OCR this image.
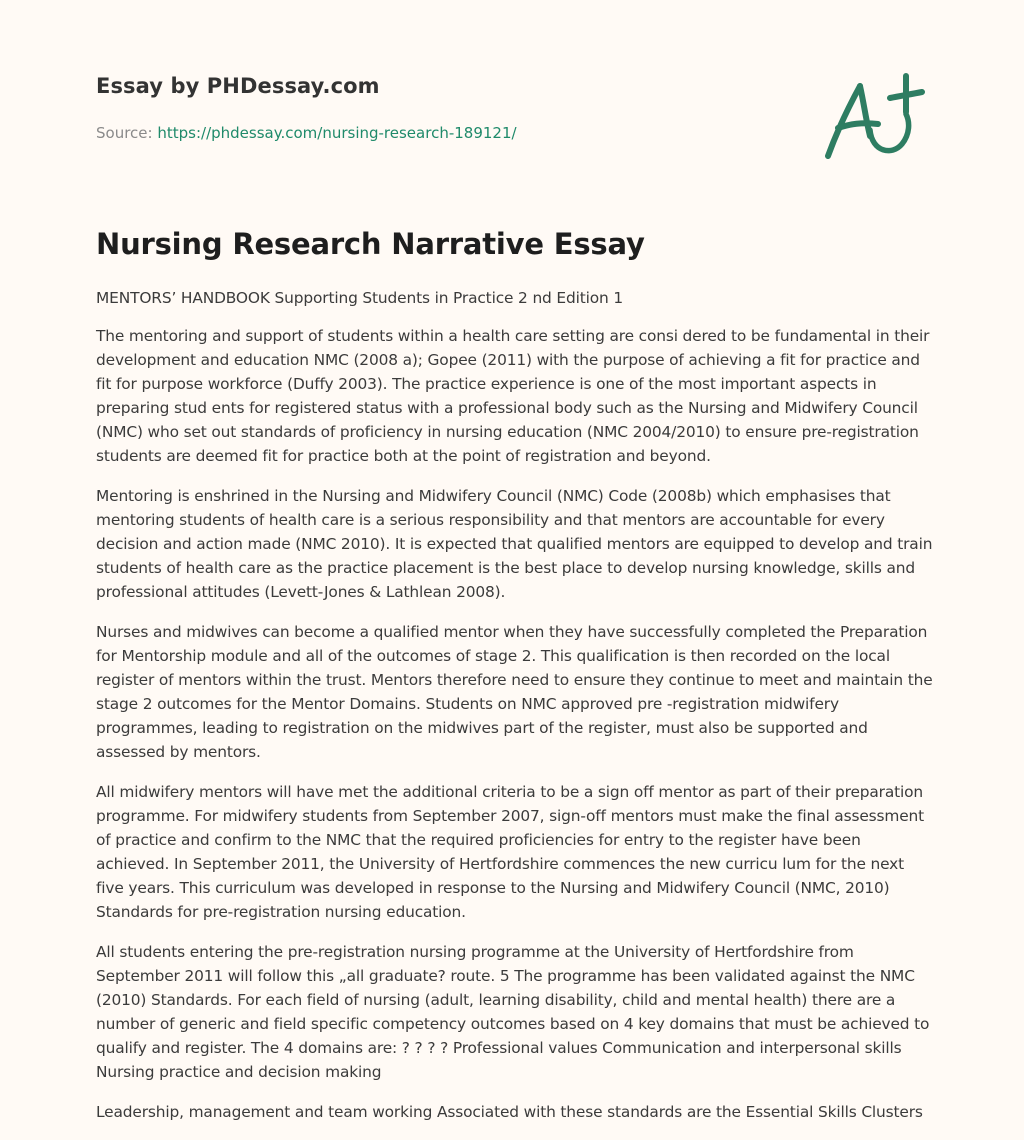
Essay by PHDessay.com
Source: https://phdessay.com/nursing-research-189121/
Nursing Research Narrative Essay

MENTORS’ HANDBOOK Supporting Students in Practice 2 nd Edition 1

The mentoring and support of students within a health care setting are consi dered to be fundamental in their development and education NMC (2008 a); Gopee (2011) with the purpose of achieving a fit for practice and fit for purpose workforce (Duffy 2003). The practice experience is one of the most important aspects in preparing stud ents for registered status with a professional body such as the Nursing and Midwifery Council (NMC) who set out standards of proficiency in nursing education (NMC 2004/2010) to ensure pre-registration students are deemed fit for practice both at the point of registration and beyond.

Mentoring is enshrined in the Nursing and Midwifery Council (NMC) Code (2008b) which emphasises that mentoring students of health care is a serious responsibility and that mentors are accountable for every decision and action made (NMC 2010). It is expected that qualified mentors are equipped to develop and train students of health care as the practice placement is the best place to develop nursing knowledge, skills and professional attitudes (Levett-Jones & Lathlean 2008).

Nurses and midwives can become a qualified mentor when they have successfully completed the Preparation for Mentorship module and all of the outcomes of stage 2. This qualification is then recorded on the local register of mentors within the trust. Mentors therefore need to ensure they continue to meet and maintain the stage 2 outcomes for the Mentor Domains. Students on NMC approved pre -registration midwifery programmes, leading to registration on the midwives part of the register, must also be supported and assessed by mentors.

All midwifery mentors will have met the additional criteria to be a sign off mentor as part of their preparation programme. For midwifery students from September 2007, sign-off mentors must make the final assessment of practice and confirm to the NMC that the required proficiencies for entry to the register have been achieved. In September 2011, the University of Hertfordshire commences the new curricu lum for the next five years. This curriculum was developed in response to the Nursing and Midwifery Council (NMC, 2010) Standards for pre-registration nursing education.

All students entering the pre-registration nursing programme at the University of Hertfordshire from September 2011 will follow this „all graduate? route. 5 The programme has been validated against the NMC (2010) Standards. For each field of nursing (adult, learning disability, child and mental health) there are a number of generic and field specific competency outcomes based on 4 key domains that must be achieved to qualify and register. The 4 domains are: ? ? ? ? Professional values Communication and interpersonal skills Nursing practice and decision making

Leadership, management and team working Associated with these standards are the Essential Skills Clusters
